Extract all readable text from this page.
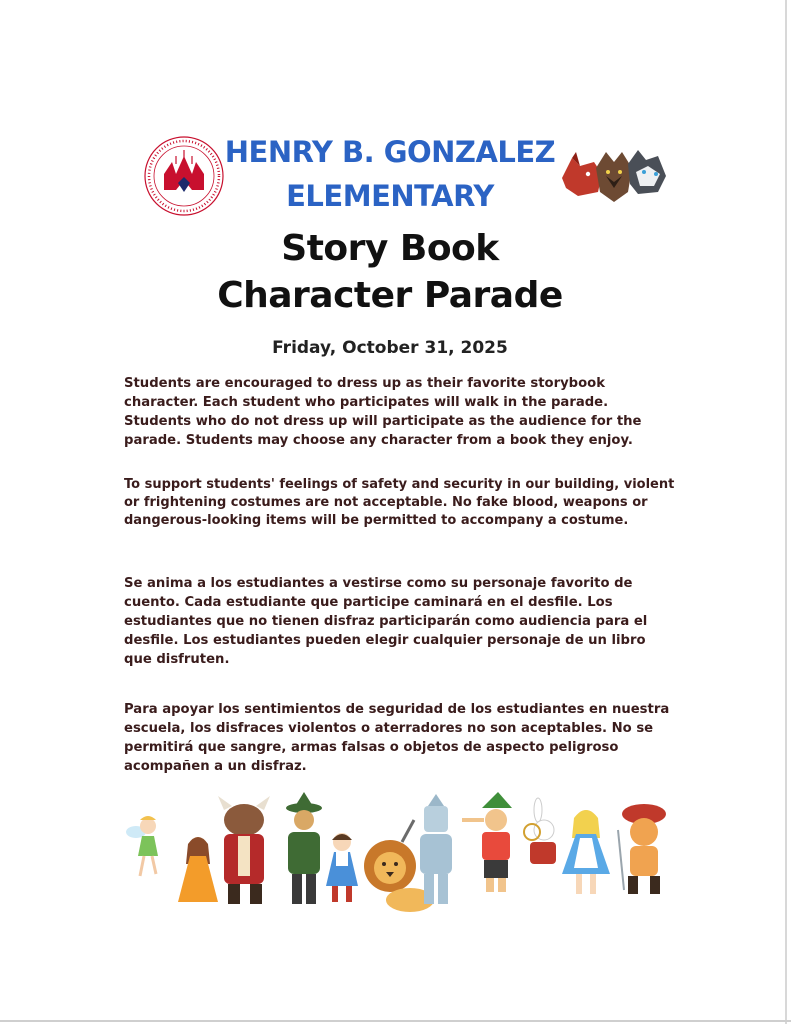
HENRY B. GONZALEZ
ELEMENTARY
Story Book
Character Parade
Friday, October 31, 2025
Students are encouraged to dress up as their favorite storybook character. Each student who participates will walk in the parade. Students who do not dress up will participate as the audience for the parade. Students may choose any character from a book they enjoy.
To support students' feelings of safety and security in our building, violent or frightening costumes are not acceptable. No fake blood, weapons or dangerous-looking items will be permitted to accompany a costume.
Se anima a los estudiantes a vestirse como su personaje favorito de cuento. Cada estudiante que participe caminará en el desfile. Los estudiantes que no tienen disfraz participarán como audiencia para el desfile. Los estudiantes pueden elegir cualquier personaje de un libro que disfruten.
Para apoyar los sentimientos de seguridad de los estudiantes en nuestra escuela, los disfraces violentos o aterradores no son aceptables. No se permitirá que sangre, armas falsas o objetos de aspecto peligroso acompañen a un disfraz.
